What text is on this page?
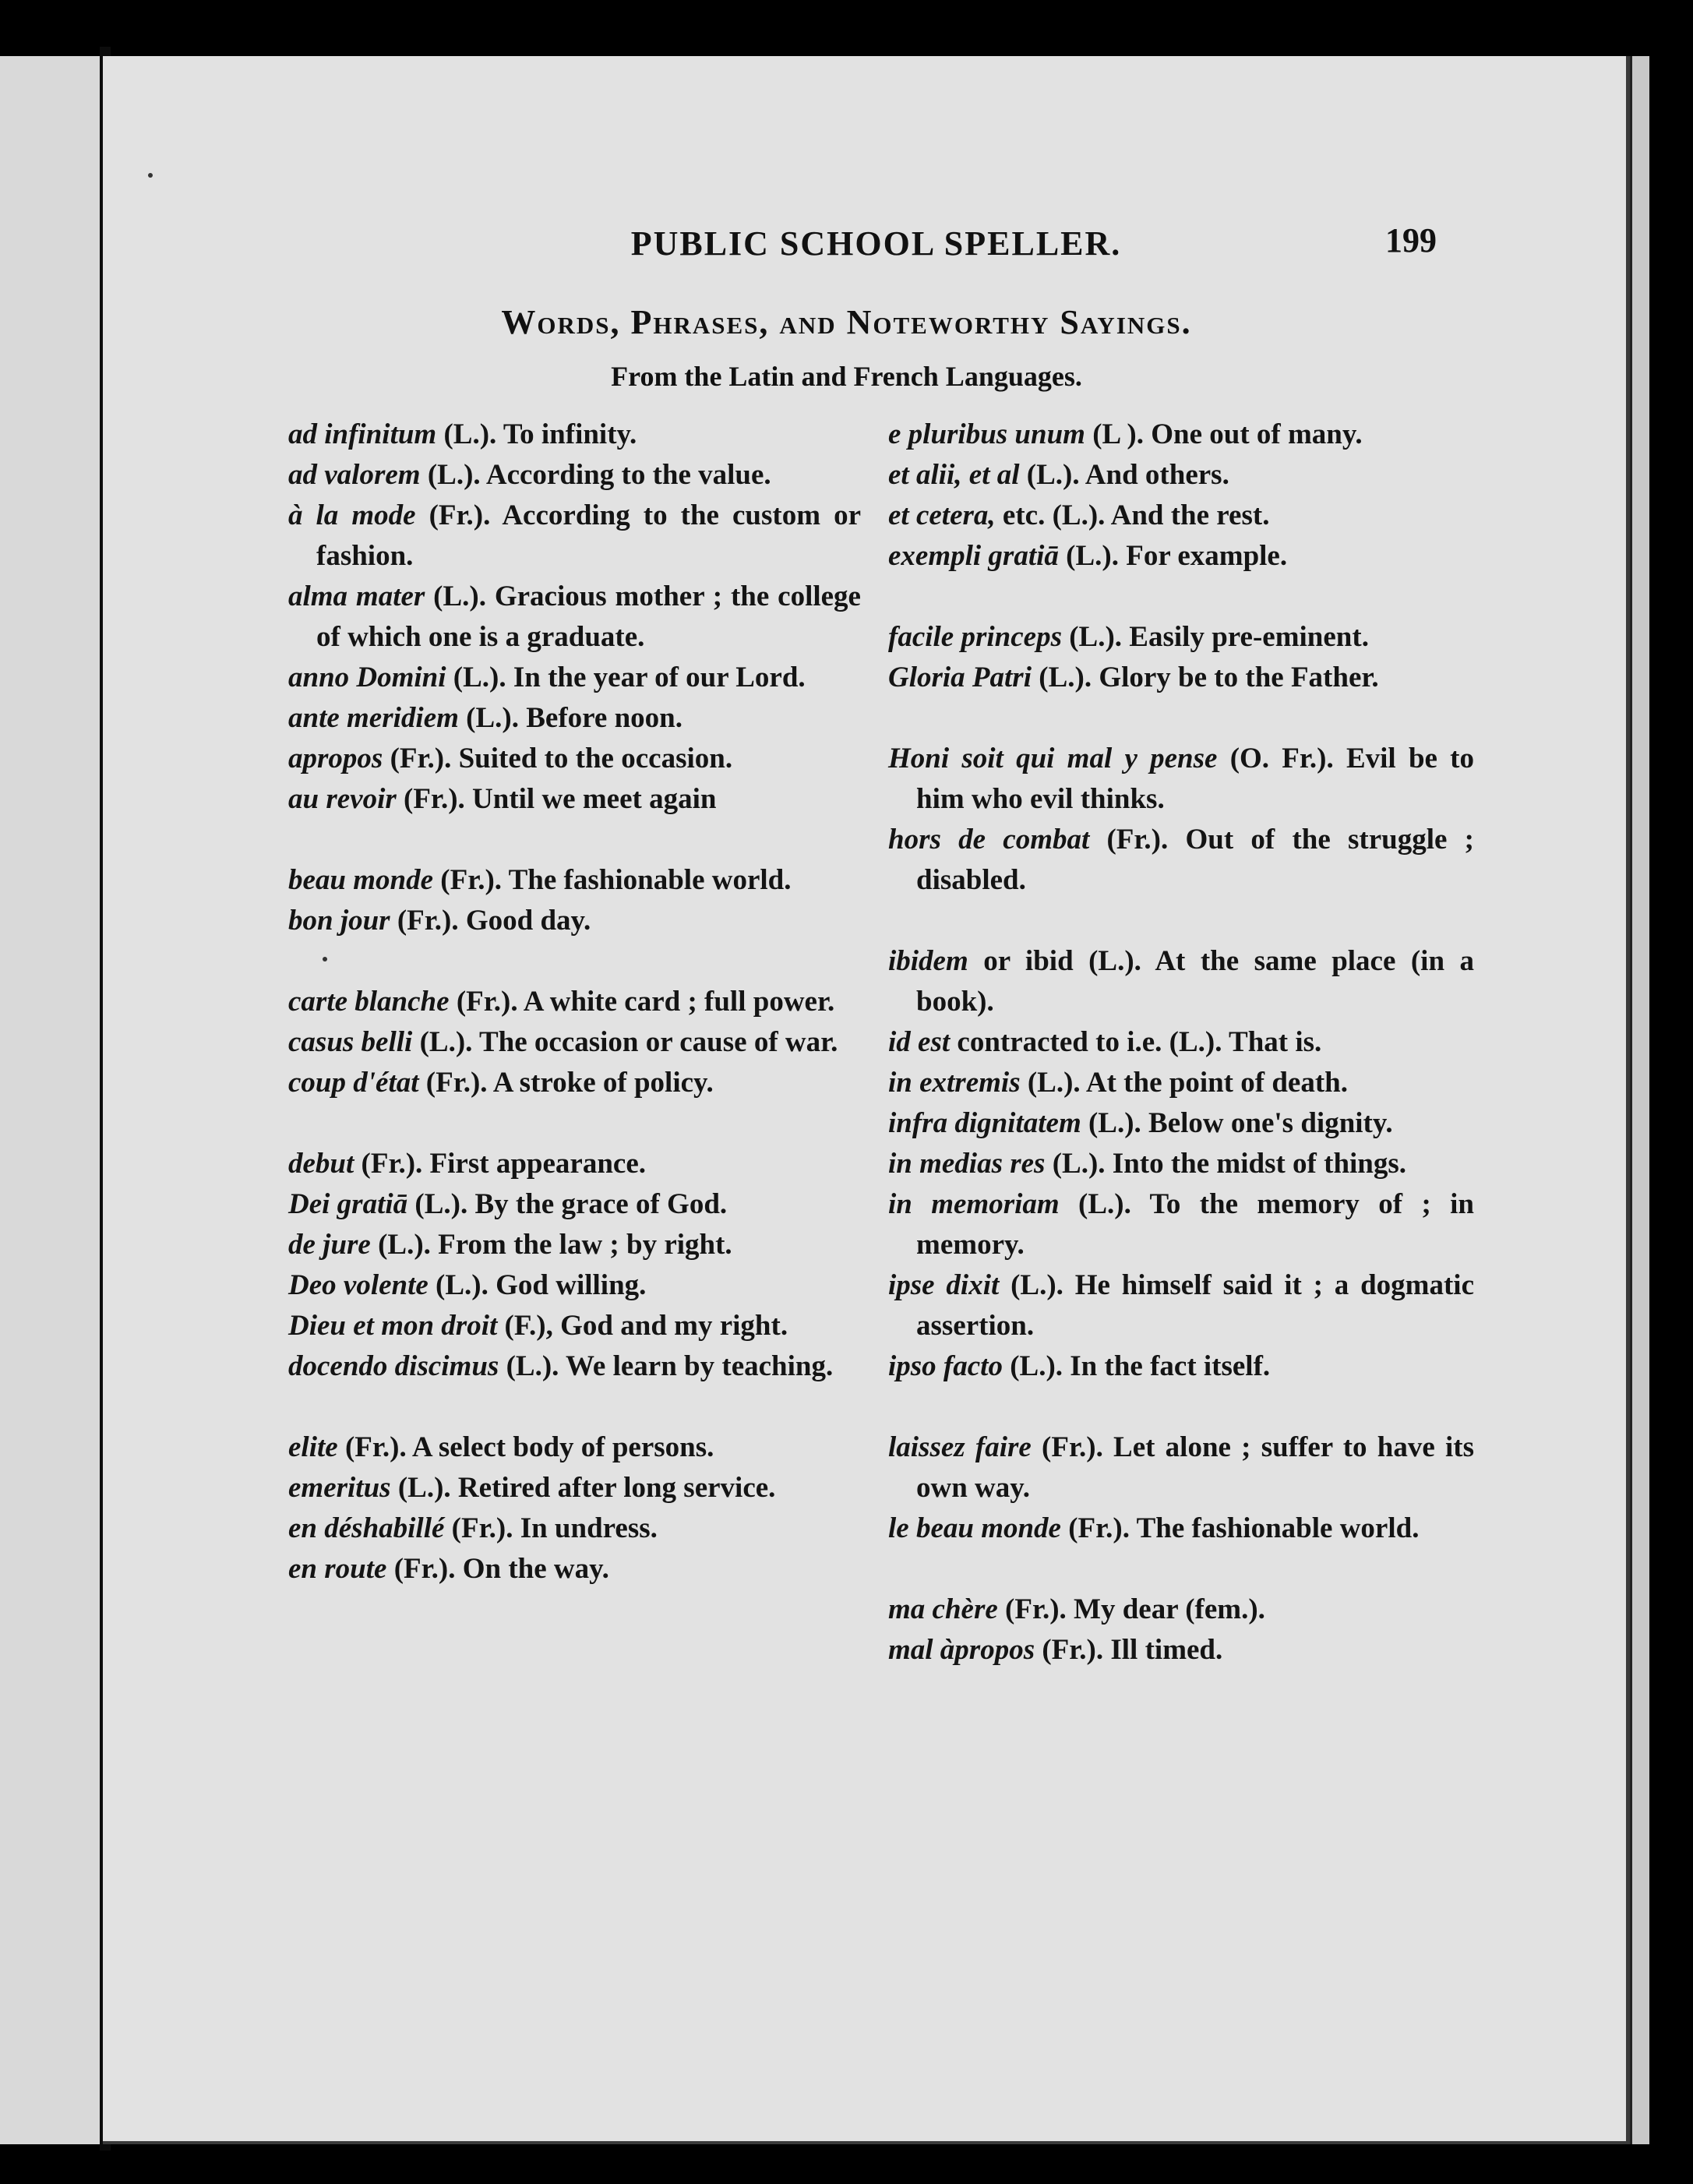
PUBLIC SCHOOL SPELLER.	199
Words, Phrases, and Noteworthy Sayings.
From the Latin and French Languages.

ad infinitum (L.). To infinity.

ad valorem (L.). According to the value.

à la mode (Fr.). According to the custom or fashion.

alma mater (L.). Gracious mother ; the college of which one is a graduate.

anno Domini (L.). In the year of our Lord.

ante meridiem (L.). Before noon.

apropos (Fr.). Suited to the occasion.

au revoir (Fr.). Until we meet again

beau monde (Fr.). The fashionable world.

bon jour (Fr.). Good day.

carte blanche (Fr.). A white card ; full power.

casus belli (L.). The occasion or cause of war.

coup d'état (Fr.). A stroke of policy.

debut (Fr.). First appearance.

Dei gratiā (L.). By the grace of God.

de jure (L.). From the law ; by right.

Deo volente (L.). God willing.

Dieu et mon droit (F.), God and my right.

docendo discimus (L.). We learn by teaching.

elite (Fr.). A select body of persons.

emeritus (L.). Retired after long service.

en déshabillé (Fr.). In undress.

en route (Fr.). On the way.

e pluribus unum (L ). One out of many.

et alii, et al (L.). And others.

et cetera, etc. (L.). And the rest.

exempli gratiā (L.). For example.

facile princeps (L.). Easily pre-eminent.

Gloria Patri (L.). Glory be to the Father.

Honi soit qui mal y pense (O. Fr.). Evil be to him who evil thinks.

hors de combat (Fr.). Out of the struggle ; disabled.

ibidem or ibid (L.). At the same place (in a book).

id est contracted to i.e. (L.). That is.

in extremis (L.). At the point of death.

infra dignitatem (L.). Below one's dignity.

in medias res (L.). Into the midst of things.

in memoriam (L.). To the memory of ; in memory.

ipse dixit (L.). He himself said it ; a dogmatic assertion.

ipso facto (L.). In the fact itself.

laissez faire (Fr.). Let alone ; suffer to have its own way.

le beau monde (Fr.). The fashionable world.

ma chère (Fr.). My dear (fem.).

mal àpropos (Fr.). Ill timed.
